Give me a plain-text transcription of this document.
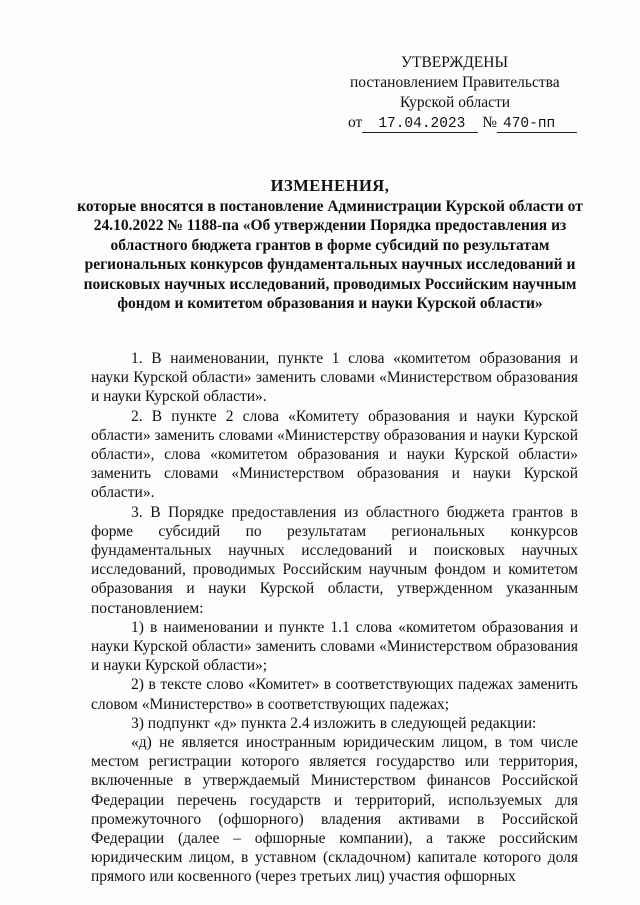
УТВЕРЖДЕНЫ
постановлением Правительства
Курской области
от 17.04.2023 № 470-пп
ИЗМЕНЕНИЯ,
которые вносятся в постановление Администрации Курской области от 24.10.2022 № 1188-па «Об утверждении Порядка предоставления из областного бюджета грантов в форме субсидий по результатам региональных конкурсов фундаментальных научных исследований и поисковых научных исследований, проводимых Российским научным фондом и комитетом образования и науки Курской области»

1. В наименовании, пункте 1 слова «комитетом образования и науки Курской области» заменить словами «Министерством образования и науки Курской области».

2. В пункте 2 слова «Комитету образования и науки Курской области» заменить словами «Министерству образования и науки Курской области», слова «комитетом образования и науки Курской области» заменить словами «Министерством образования и науки Курской области».

3. В Порядке предоставления из областного бюджета грантов в форме субсидий по результатам региональных конкурсов фундаментальных научных исследований и поисковых научных исследований, проводимых Российским научным фондом и комитетом образования и науки Курской области, утвержденном указанным постановлением:

1) в наименовании и пункте 1.1 слова «комитетом образования и науки Курской области» заменить словами «Министерством образования и науки Курской области»;

2) в тексте слово «Комитет» в соответствующих падежах заменить словом «Министерство» в соответствующих падежах;

3) подпункт «д» пункта 2.4 изложить в следующей редакции:

«д) не является иностранным юридическим лицом, в том числе местом регистрации которого является государство или территория, включенные в утверждаемый Министерством финансов Российской Федерации перечень государств и территорий, используемых для промежуточного (офшорного) владения активами в Российской Федерации (далее – офшорные компании), а также российским юридическим лицом, в уставном (складочном) капитале которого доля прямого или косвенного (через третьих лиц) участия офшорных
